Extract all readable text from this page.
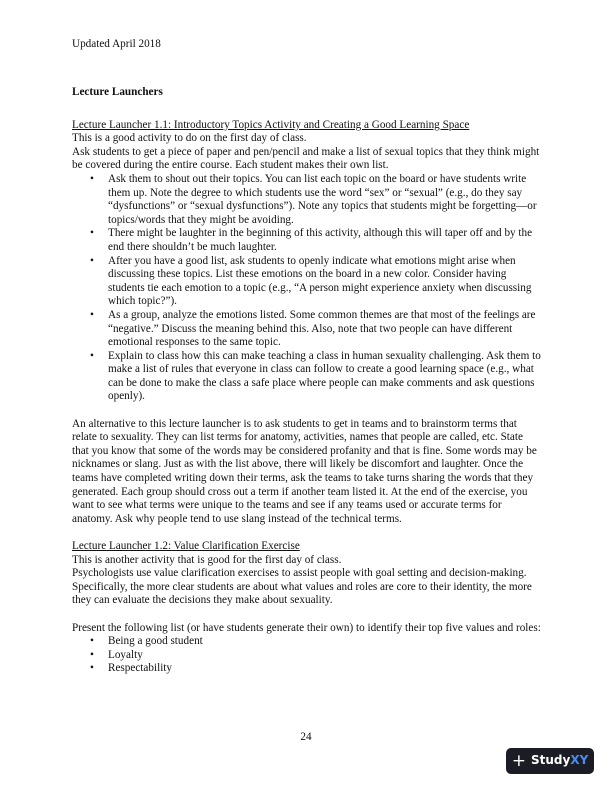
Updated April 2018
Lecture Launchers

Lecture Launcher 1.1: Introductory Topics Activity and Creating a Good Learning Space

This is a good activity to do on the first day of class.

Ask students to get a piece of paper and pen/pencil and make a list of sexual topics that they think might be covered during the entire course. Each student makes their own list.

• Ask them to shout out their topics. You can list each topic on the board or have students write them up. Note the degree to which students use the word “sex” or “sexual” (e.g., do they say “dysfunctions” or “sexual dysfunctions”). Note any topics that students might be forgetting—or topics/words that they might be avoiding.
• There might be laughter in the beginning of this activity, although this will taper off and by the end there shouldn’t be much laughter.
• After you have a good list, ask students to openly indicate what emotions might arise when discussing these topics. List these emotions on the board in a new color. Consider having students tie each emotion to a topic (e.g., “A person might experience anxiety when discussing which topic?”).
• As a group, analyze the emotions listed. Some common themes are that most of the feelings are “negative.” Discuss the meaning behind this. Also, note that two people can have different emotional responses to the same topic.
• Explain to class how this can make teaching a class in human sexuality challenging. Ask them to make a list of rules that everyone in class can follow to create a good learning space (e.g., what can be done to make the class a safe place where people can make comments and ask questions openly).

An alternative to this lecture launcher is to ask students to get in teams and to brainstorm terms that relate to sexuality. They can list terms for anatomy, activities, names that people are called, etc. State that you know that some of the words may be considered profanity and that is fine. Some words may be nicknames or slang. Just as with the list above, there will likely be discomfort and laughter. Once the teams have completed writing down their terms, ask the teams to take turns sharing the words that they generated. Each group should cross out a term if another team listed it. At the end of the exercise, you want to see what terms were unique to the teams and see if any teams used or accurate terms for anatomy. Ask why people tend to use slang instead of the technical terms.

Lecture Launcher 1.2: Value Clarification Exercise

This is another activity that is good for the first day of class.

Psychologists use value clarification exercises to assist people with goal setting and decision-making. Specifically, the more clear students are about what values and roles are core to their identity, the more they can evaluate the decisions they make about sexuality.

Present the following list (or have students generate their own) to identify their top five values and roles:

• Being a good student
• Loyalty
• Respectability
24
+ StudyXY
